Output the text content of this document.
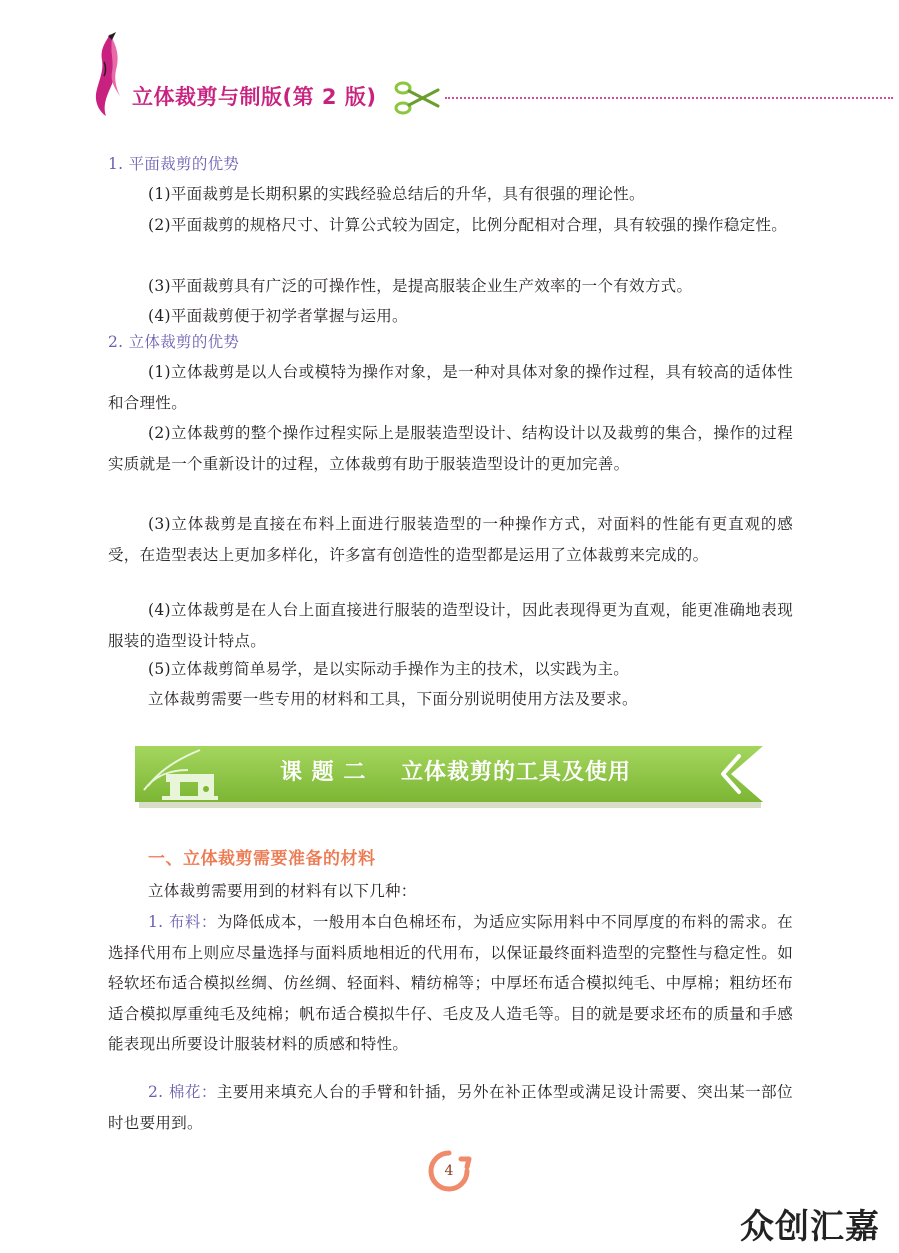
立体裁剪与制版(第 2 版)

1. 平面裁剪的优势

(1)平面裁剪是长期积累的实践经验总结后的升华，具有很强的理论性。

(2)平面裁剪的规格尺寸、计算公式较为固定，比例分配相对合理，具有较强的操作稳定性。

(3)平面裁剪具有广泛的可操作性，是提高服装企业生产效率的一个有效方式。

(4)平面裁剪便于初学者掌握与运用。

2. 立体裁剪的优势

(1)立体裁剪是以人台或模特为操作对象，是一种对具体对象的操作过程，具有较高的适体性和合理性。

(2)立体裁剪的整个操作过程实际上是服装造型设计、结构设计以及裁剪的集合，操作的过程实质就是一个重新设计的过程，立体裁剪有助于服装造型设计的更加完善。

(3)立体裁剪是直接在布料上面进行服装造型的一种操作方式，对面料的性能有更直观的感受，在造型表达上更加多样化，许多富有创造性的造型都是运用了立体裁剪来完成的。

(4)立体裁剪是在人台上面直接进行服装的造型设计，因此表现得更为直观，能更准确地表现服装的造型设计特点。

(5)立体裁剪简单易学，是以实际动手操作为主的技术，以实践为主。

立体裁剪需要一些专用的材料和工具，下面分别说明使用方法及要求。

课 题 二    立体裁剪的工具及使用
一、立体裁剪需要准备的材料

立体裁剪需要用到的材料有以下几种：

1. 布料：为降低成本，一般用本白色棉坯布，为适应实际用料中不同厚度的布料的需求。在选择代用布上则应尽量选择与面料质地相近的代用布，以保证最终面料造型的完整性与稳定性。如轻软坯布适合模拟丝绸、仿丝绸、轻面料、精纺棉等；中厚坯布适合模拟纯毛、中厚棉；粗纺坯布适合模拟厚重纯毛及纯棉；帆布适合模拟牛仔、毛皮及人造毛等。目的就是要求坯布的质量和手感能表现出所要设计服装材料的质感和特性。

2. 棉花：主要用来填充人台的手臂和针插，另外在补正体型或满足设计需要、突出某一部位时也要用到。

4
众创汇嘉
